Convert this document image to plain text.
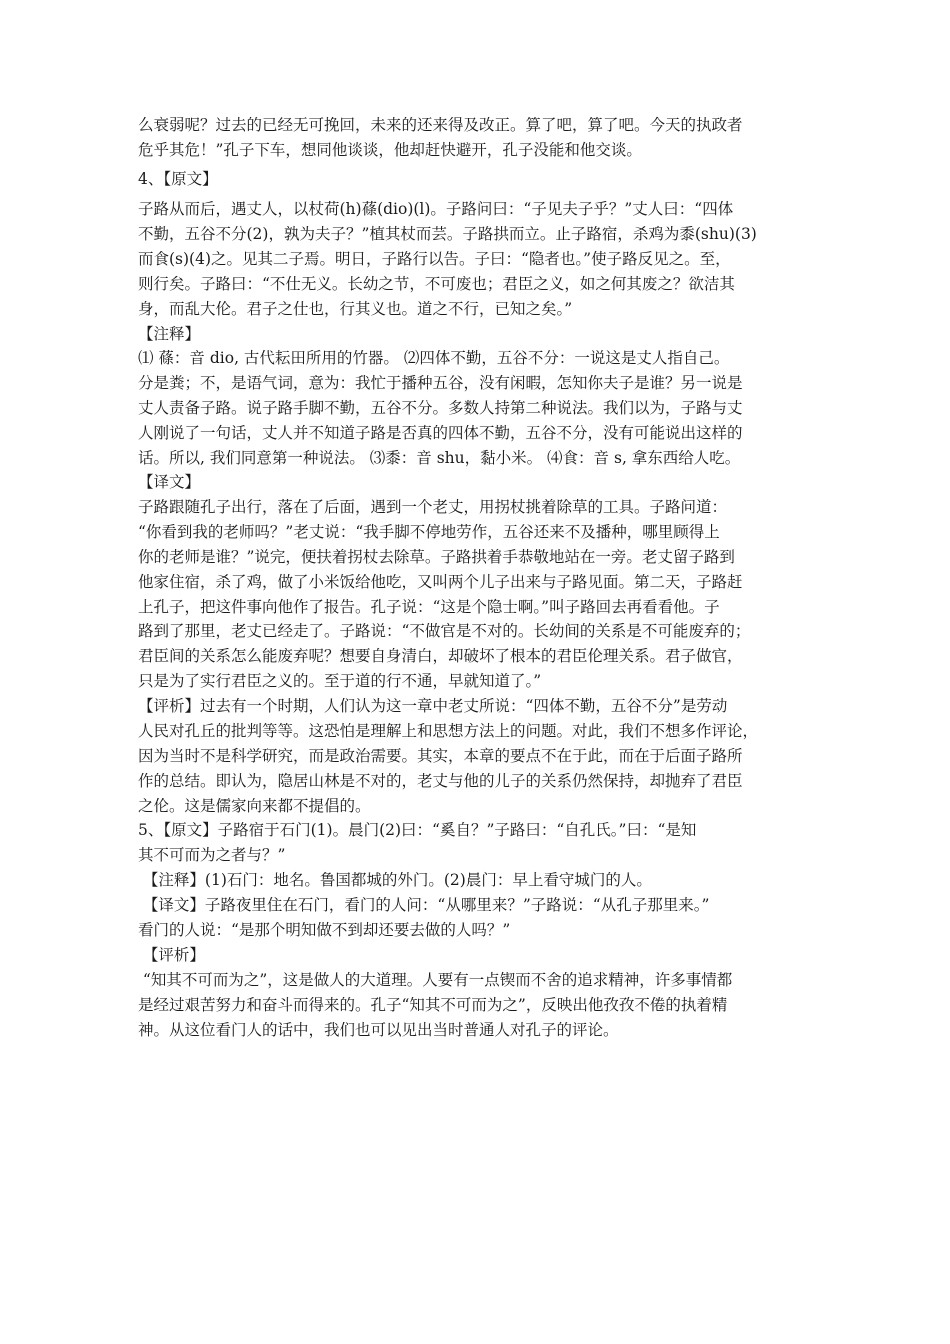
么衰弱呢？过去的已经无可挽回，未来的还来得及改正。算了吧，算了吧。今天的执政者
危乎其危！”孔子下车，想同他谈谈，他却赶快避开，孔子没能和他交谈。
4、【原文】
子路从而后，遇丈人，以杖荷(h)蓧(dio)(l)。子路问曰：“子见夫子乎？”丈人曰：“四体
不勤，五谷不分(2)，孰为夫子？”植其杖而芸。子路拱而立。止子路宿，杀鸡为黍(shu)(3)
而食(s)(4)之。见其二子焉。明日，子路行以告。子曰：“隐者也。”使子路反见之。至，
则行矣。子路曰：“不仕无义。长幼之节，不可废也；君臣之义，如之何其废之？欲洁其
身，而乱大伦。君子之仕也，行其义也。道之不行，已知之矣。”
【注释】
⑴ 蓧：音 dio, 古代耘田所用的竹器。 ⑵四体不勤，五谷不分：一说这是丈人指自己。
分是粪；不，是语气词，意为：我忙于播种五谷，没有闲暇，怎知你夫子是谁？另一说是
丈人责备子路。说子路手脚不勤，五谷不分。多数人持第二种说法。我们以为，子路与丈
人刚说了一句话，丈人并不知道子路是否真的四体不勤，五谷不分，没有可能说出这样的
话。所以, 我们同意第一种说法。 ⑶黍：音 shu，黏小米。 ⑷食：音 s, 拿东西给人吃。
【译文】
子路跟随孔子出行，落在了后面，遇到一个老丈，用拐杖挑着除草的工具。子路问道：
“你看到我的老师吗？”老丈说：“我手脚不停地劳作，五谷还来不及播种，哪里顾得上
你的老师是谁？”说完，便扶着拐杖去除草。子路拱着手恭敬地站在一旁。老丈留子路到
他家住宿，杀了鸡，做了小米饭给他吃，又叫两个儿子出来与子路见面。第二天，子路赶
上孔子，把这件事向他作了报告。孔子说：“这是个隐士啊。”叫子路回去再看看他。子
路到了那里，老丈已经走了。子路说：“不做官是不对的。长幼间的关系是不可能废弃的；
君臣间的关系怎么能废弃呢？想要自身清白，却破坏了根本的君臣伦理关系。君子做官，
只是为了实行君臣之义的。至于道的行不通，早就知道了。”
【评析】过去有一个时期，人们认为这一章中老丈所说：“四体不勤，五谷不分”是劳动
人民对孔丘的批判等等。这恐怕是理解上和思想方法上的问题。对此，我们不想多作评论，
因为当时不是科学研究，而是政治需要。其实，本章的要点不在于此，而在于后面子路所
作的总结。即认为，隐居山林是不对的，老丈与他的儿子的关系仍然保持，却抛弃了君臣
之伦。这是儒家向来都不提倡的。
5、【原文】子路宿于石门(1)。晨门(2)曰：“奚自？”子路曰：“自孔氏。”曰：“是知
其不可而为之者与？”
【注释】(1)石门：地名。鲁国都城的外门。(2)晨门：早上看守城门的人。
【译文】子路夜里住在石门，看门的人问：“从哪里来？”子路说：“从孔子那里来。”
看门的人说：“是那个明知做不到却还要去做的人吗？”
【评析】
“知其不可而为之”，这是做人的大道理。人要有一点锲而不舍的追求精神，许多事情都
是经过艰苦努力和奋斗而得来的。孔子“知其不可而为之”，反映出他孜孜不倦的执着精
神。从这位看门人的话中，我们也可以见出当时普通人对孔子的评论。
